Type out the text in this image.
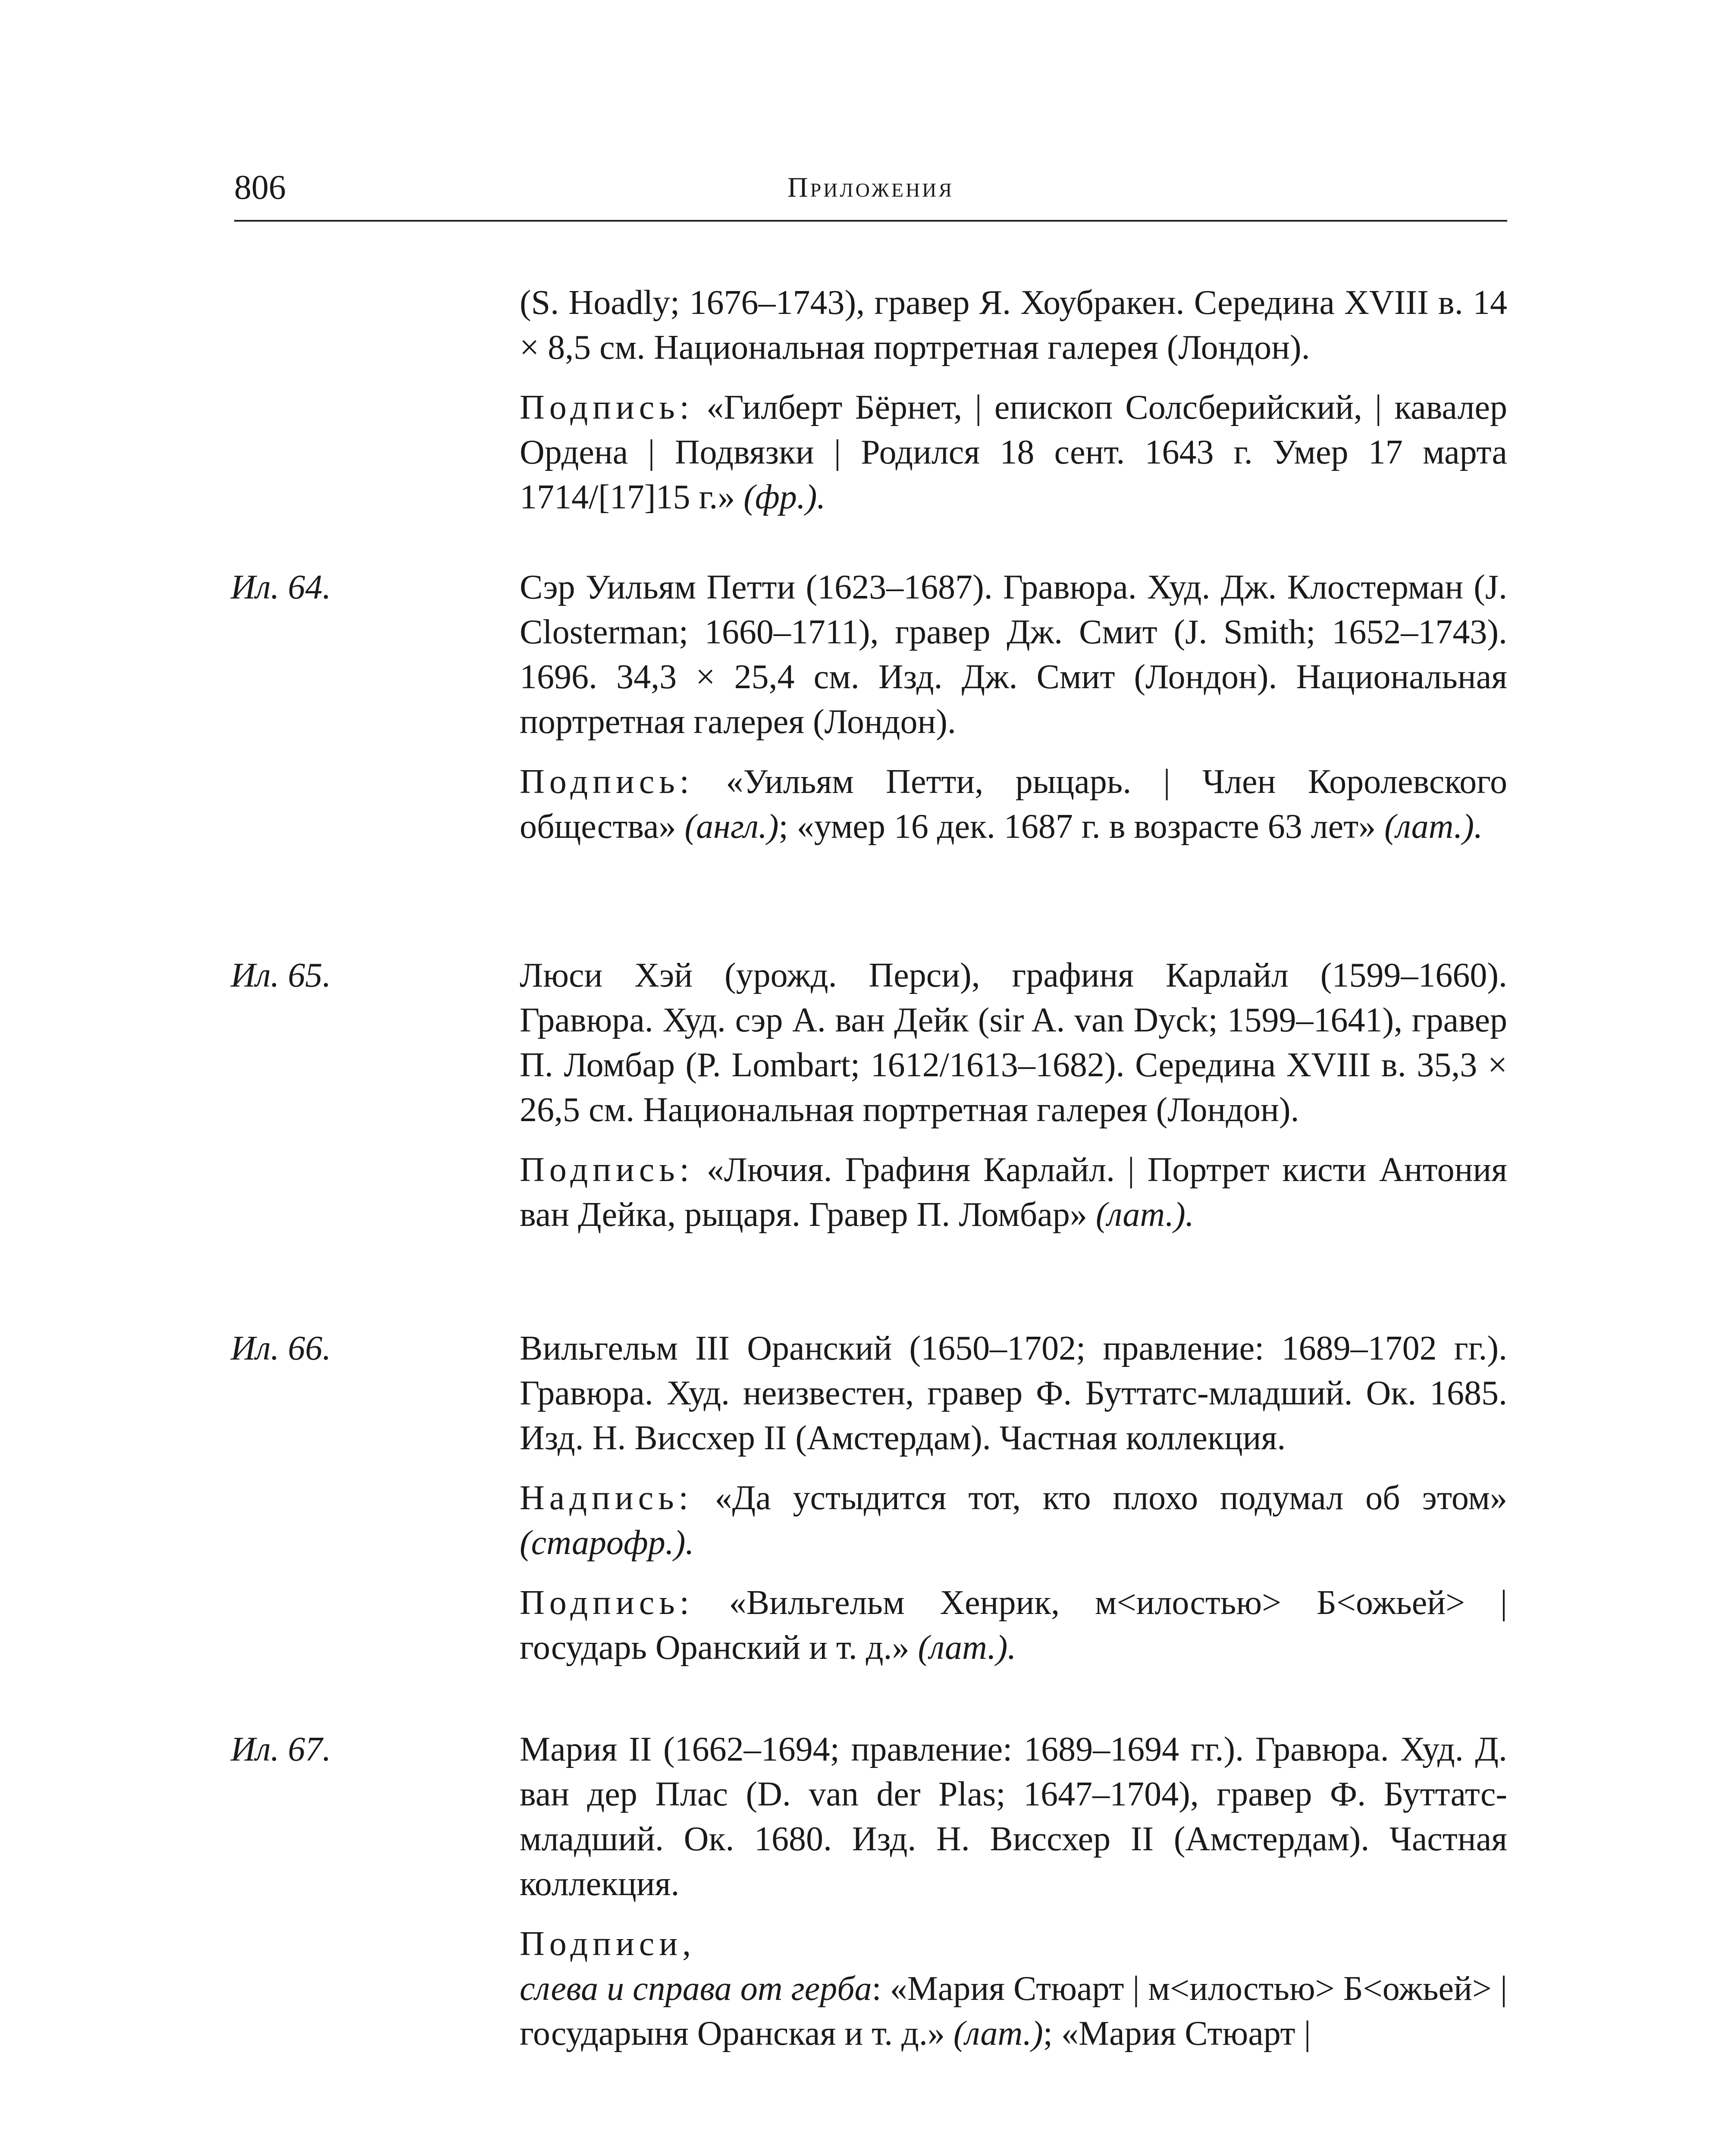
806	Приложения

(S. Hoadly; 1676–1743), гравер Я. Хоубракен. Середина XVIII в. 14 × 8,5 см. Национальная портретная галерея (Лондон).

Подпись: «Гилберт Бёрнет, | епископ Солсберийский, | кавалер Ордена | Подвязки | Родился 18 сент. 1643 г. Умер 17 марта 1714/[17]15 г.» (фр.).

Ил. 64.	Сэр Уильям Петти (1623–1687). Гравюра. Худ. Дж. Клостерман (J. Closterman; 1660–1711), гравер Дж. Смит (J. Smith; 1652–1743). 1696. 34,3 × 25,4 см. Изд. Дж. Смит (Лондон). Национальная портретная галерея (Лондон).

Подпись: «Уильям Петти, рыцарь. | Член Королевского общества» (англ.); «умер 16 дек. 1687 г. в возрасте 63 лет» (лат.).

Ил. 65.	Люси Хэй (урожд. Перси), графиня Карлайл (1599–1660). Гравюра. Худ. сэр А. ван Дейк (sir A. van Dyck; 1599–1641), гравер П. Ломбар (P. Lombart; 1612/1613–1682). Середина XVIII в. 35,3 × 26,5 см. Национальная портретная галерея (Лондон).

Подпись: «Лючия. Графиня Карлайл. | Портрет кисти Антония ван Дейка, рыцаря. Гравер П. Ломбар» (лат.).

Ил. 66.	Вильгельм III Оранский (1650–1702; правление: 1689–1702 гг.). Гравюра. Худ. неизвестен, гравер Ф. Буттатс-младший. Ок. 1685. Изд. Н. Виссхер II (Амстердам). Частная коллекция.

Надпись: «Да устыдится тот, кто плохо подумал об этом» (старофр.).

Подпись: «Вильгельм Хенрик, м<илостью> Б<ожьей> | государь Оранский и т. д.» (лат.).

Ил. 67.	Мария II (1662–1694; правление: 1689–1694 гг.). Гравюра. Худ. Д. ван дер Плас (D. van der Plas; 1647–1704), гравер Ф. Буттатс-младший. Ок. 1680. Изд. Н. Виссхер II (Амстердам). Частная коллекция.

Подписи,
слева и справа от герба: «Мария Стюарт | м<илостью> Б<ожьей> | государыня Оранская и т. д.» (лат.); «Мария Стюарт |
